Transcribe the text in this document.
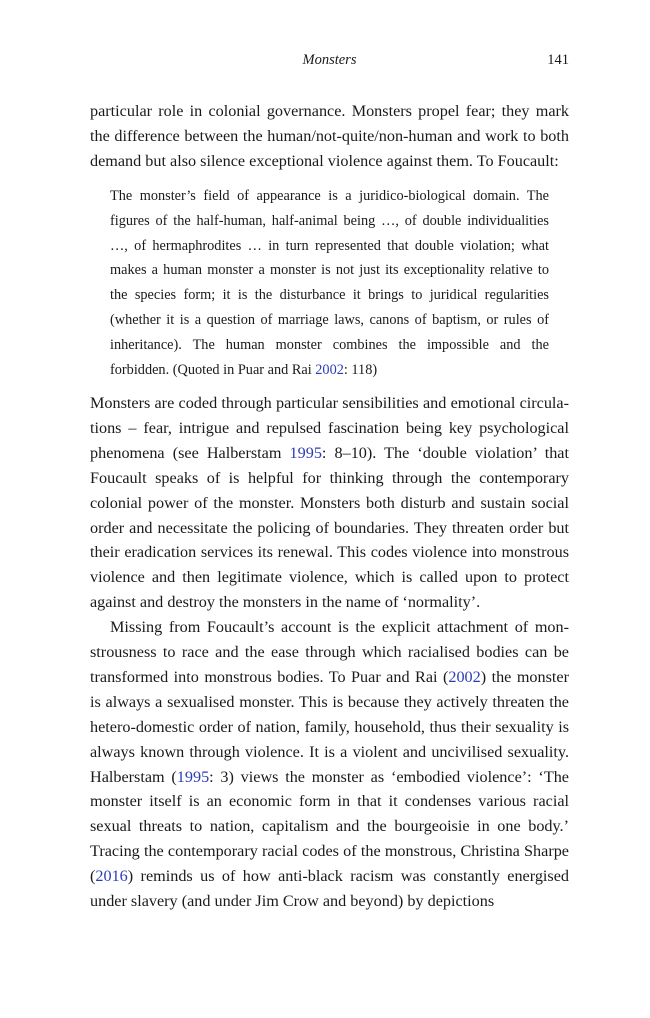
Monsters	141

particular role in colonial governance. Monsters propel fear; they mark the difference between the human/not-quite/non-human and work to both demand but also silence exceptional violence against them. To Foucault:

The monster’s field of appearance is a juridico-biological domain. The figures of the half-human, half-animal being …, of double individualities …, of hermaphrodites … in turn represented that double violation; what makes a human monster a monster is not just its exceptionality relative to the species form; it is the disturbance it brings to juridical regularities (whether it is a question of marriage laws, canons of baptism, or rules of inheritance). The human monster combines the impossible and the forbidden. (Quoted in Puar and Rai 2002: 118)

Monsters are coded through particular sensibilities and emotional circulations – fear, intrigue and repulsed fascination being key psychological phenomena (see Halberstam 1995: 8–10). The ‘double violation’ that Foucault speaks of is helpful for thinking through the contemporary colonial power of the monster. Monsters both disturb and sustain social order and necessitate the policing of boundaries. They threaten order but their eradication services its renewal. This codes violence into monstrous violence and then legitimate violence, which is called upon to protect against and destroy the monsters in the name of ‘normality’.

Missing from Foucault’s account is the explicit attachment of monstrousness to race and the ease through which racialised bodies can be transformed into monstrous bodies. To Puar and Rai (2002) the monster is always a sexualised monster. This is because they actively threaten the hetero-domestic order of nation, family, household, thus their sexuality is always known through violence. It is a violent and uncivilised sexuality. Halberstam (1995: 3) views the monster as ‘embodied violence’: ‘The monster itself is an economic form in that it condenses various racial sexual threats to nation, capitalism and the bourgeoisie in one body.’ Tracing the contemporary racial codes of the monstrous, Christina Sharpe (2016) reminds us of how anti-black racism was constantly energised under slavery (and under Jim Crow and beyond) by depictions
